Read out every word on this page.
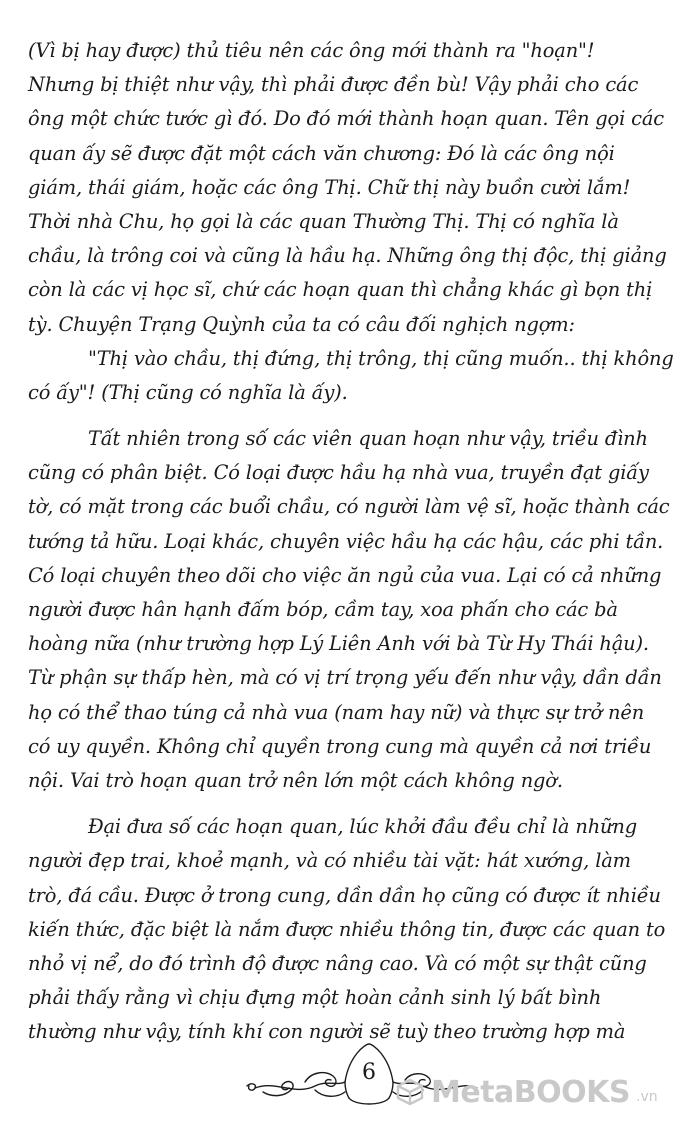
(Vì bị hay được) thủ tiêu nên các ông mới thành ra "hoạn"!
Nhưng bị thiệt như vậy, thì phải được đền bù! Vậy phải cho các
ông một chức tước gì đó. Do đó mới thành hoạn quan. Tên gọi các
quan ấy sẽ được đặt một cách văn chương: Đó là các ông nội
giám, thái giám, hoặc các ông Thị. Chữ thị này buồn cười lắm!
Thời nhà Chu, họ gọi là các quan Thường Thị. Thị có nghĩa là
chầu, là trông coi và cũng là hầu hạ. Những ông thị độc, thị giảng
còn là các vị học sĩ, chứ các hoạn quan thì chẳng khác gì bọn thị
tỳ. Chuyện Trạng Quỳnh của ta có câu đối nghịch ngợm:
"Thị vào chầu, thị đứng, thị trông, thị cũng muốn.. thị không
có ấy"! (Thị cũng có nghĩa là ấy).
Tất nhiên trong số các viên quan hoạn như vậy, triều đình
cũng có phân biệt. Có loại được hầu hạ nhà vua, truyền đạt giấy
tờ, có mặt trong các buổi chầu, có người làm vệ sĩ, hoặc thành các
tướng tả hữu. Loại khác, chuyên việc hầu hạ các hậu, các phi tần.
Có loại chuyên theo dõi cho việc ăn ngủ của vua. Lại có cả những
người được hân hạnh đấm bóp, cầm tay, xoa phấn cho các bà
hoàng nữa (như trường hợp Lý Liên Anh với bà Từ Hy Thái hậu).
Từ phận sự thấp hèn, mà có vị trí trọng yếu đến như vậy, dần dần
họ có thể thao túng cả nhà vua (nam hay nữ) và thực sự trở nên
có uy quyền. Không chỉ quyền trong cung mà quyền cả nơi triều
nội. Vai trò hoạn quan trở nên lớn một cách không ngờ.
Đại đưa số các hoạn quan, lúc khởi đầu đều chỉ là những
người đẹp trai, khoẻ mạnh, và có nhiều tài vặt: hát xướng, làm
trò, đá cầu. Được ở trong cung, dần dần họ cũng có được ít nhiều
kiến thức, đặc biệt là nắm được nhiều thông tin, được các quan to
nhỏ vị nể, do đó trình độ được nâng cao. Và có một sự thật cũng
phải thấy rằng vì chịu đựng một hoàn cảnh sinh lý bất bình
thường như vậy, tính khí con người sẽ tuỳ theo trường hợp mà
6
MetaBOOKS .vn
